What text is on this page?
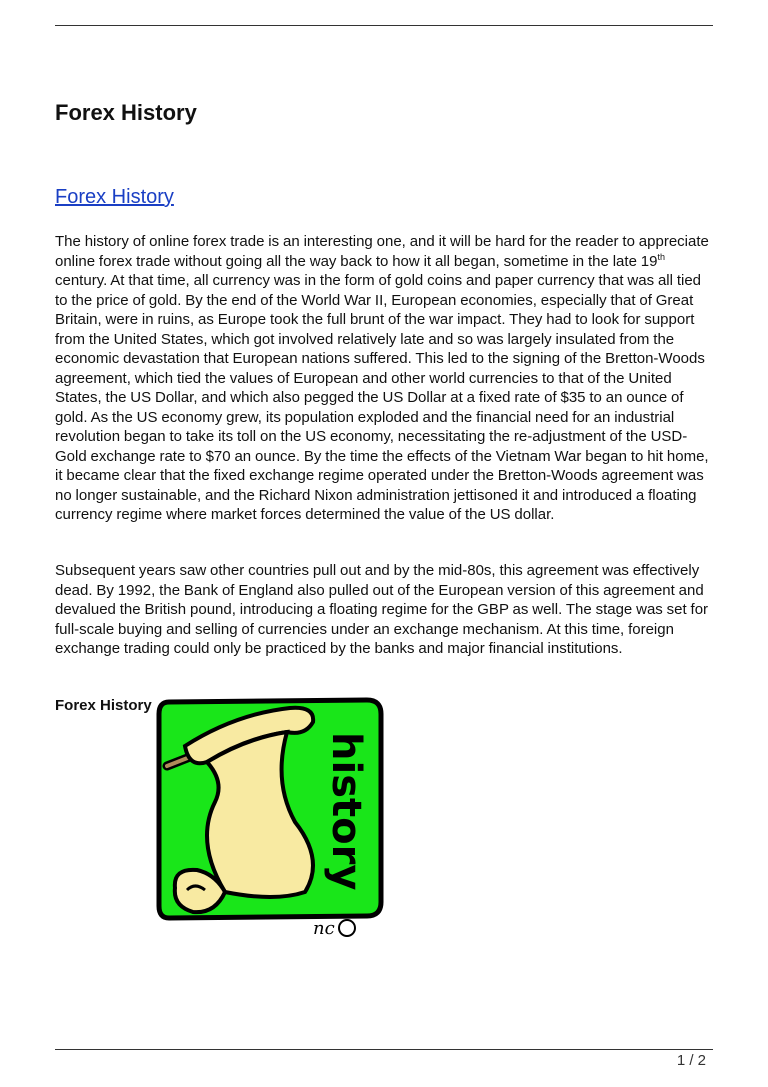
Forex History
Forex History

The history of online forex trade is an interesting one, and it will be hard for the reader to appreciate online forex trade without going all the way back to how it all began, sometime in the late 19th century. At that time, all currency was in the form of gold coins and paper currency that was all tied to the price of gold. By the end of the World War II, European economies, especially that of Great Britain, were in ruins, as Europe took the full brunt of the war impact. They had to look for support from the United States, which got involved relatively late and so was largely insulated from the economic devastation that European nations suffered. This led to the signing of the Bretton-Woods agreement, which tied the values of European and other world currencies to that of the United States, the US Dollar, and which also pegged the US Dollar at a fixed rate of $35 to an ounce of gold. As the US economy grew, its population exploded and the financial need for an industrial revolution began to take its toll on the US economy, necessitating the re-adjustment of the USD-Gold exchange rate to $70 an ounce. By the time the effects of the Vietnam War began to hit home, it became clear that the fixed exchange regime operated under the Bretton-Woods agreement was no longer sustainable, and the Richard Nixon administration jettisoned it and introduced a floating currency regime where market forces determined the value of the US dollar.

Subsequent years saw other countries pull out and by the mid-80s, this agreement was effectively dead. By 1992, the Bank of England also pulled out of the European version of this agreement and devalued the British pound, introducing a floating regime for the GBP as well. The stage was set for full-scale buying and selling of currencies under an exchange mechanism. At this time, foreign exchange trading could only be practiced by the banks and major financial institutions.

Forex History
history
nc
1 / 2
